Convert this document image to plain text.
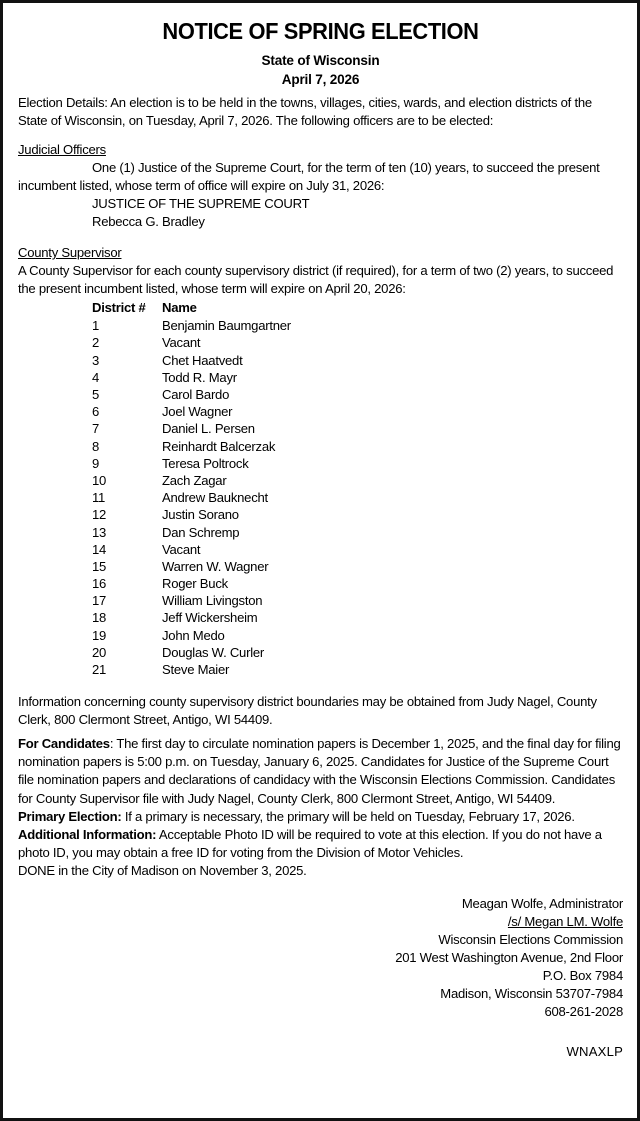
NOTICE OF SPRING ELECTION
State of Wisconsin
April 7, 2026

Election Details: An election is to be held in the towns, villages, cities, wards, and election districts of the State of Wisconsin, on Tuesday, April 7, 2026. The following officers are to be elected:

Judicial Officers

One (1) Justice of the Supreme Court, for the term of ten (10) years, to succeed the present incumbent listed, whose term of office will expire on July 31, 2026:

JUSTICE OF THE SUPREME COURT
Rebecca G. Bradley
County Supervisor

A County Supervisor for each county supervisory district (if required), for a term of two (2) years, to succeed the present incumbent listed, whose term will expire on April 20, 2026:

District #	Name
1	Benjamin Baumgartner
2	Vacant
3	Chet Haatvedt
4	Todd R. Mayr
5	Carol Bardo
6	Joel Wagner
7	Daniel L. Persen
8	Reinhardt Balcerzak
9	Teresa Poltrock
10	Zach Zagar
11	Andrew Bauknecht
12	Justin Sorano
13	Dan Schremp
14	Vacant
15	Warren W. Wagner
16	Roger Buck
17	William Livingston
18	Jeff Wickersheim
19	John Medo
20	Douglas W. Curler
21	Steve Maier

Information concerning county supervisory district boundaries may be obtained from Judy Nagel, County Clerk, 800 Clermont Street, Antigo, WI 54409.

For Candidates: The first day to circulate nomination papers is December 1, 2025, and the final day for filing nomination papers is 5:00 p.m. on Tuesday, January 6, 2025. Candidates for Justice of the Supreme Court file nomination papers and declarations of candidacy with the Wisconsin Elections Commission. Candidates for County Supervisor file with Judy Nagel, County Clerk, 800 Clermont Street, Antigo, WI 54409.

Primary Election: If a primary is necessary, the primary will be held on Tuesday, February 17, 2026.

Additional Information: Acceptable Photo ID will be required to vote at this election. If you do not have a photo ID, you may obtain a free ID for voting from the Division of Motor Vehicles.

DONE in the City of Madison on November 3, 2025.

Meagan Wolfe, Administrator
/s/ Megan LM. Wolfe
Wisconsin Elections Commission
201 West Washington Avenue, 2nd Floor
P.O. Box 7984
Madison, Wisconsin 53707-7984
608-261-2028
WNAXLP
